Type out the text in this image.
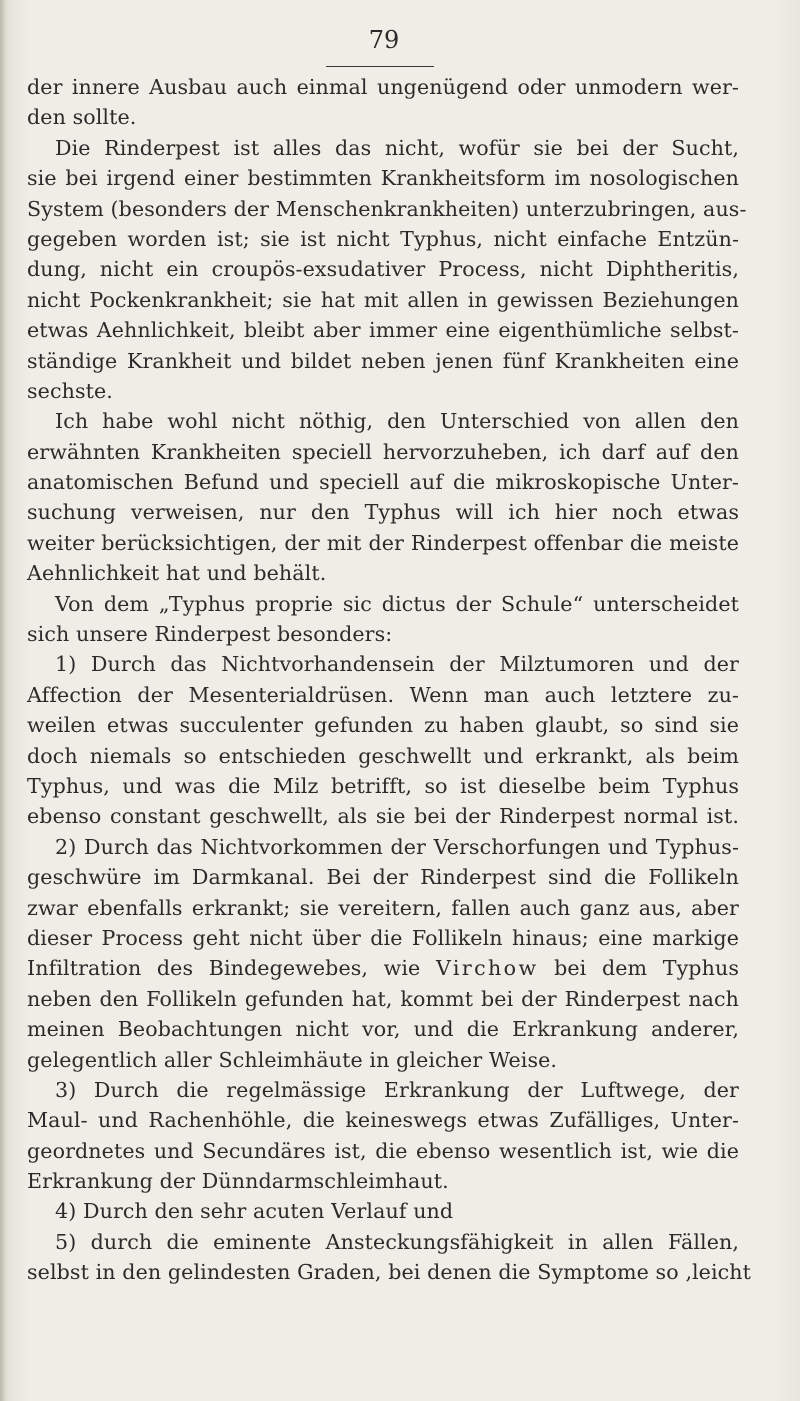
79
der innere Ausbau auch einmal ungenügend oder unmodern wer-
den sollte.
Die Rinderpest ist alles das nicht, wofür sie bei der Sucht,
sie bei irgend einer bestimmten Krankheitsform im nosologischen
System (besonders der Menschenkrankheiten) unterzubringen, aus-
gegeben worden ist; sie ist nicht Typhus, nicht einfache Entzün-
dung, nicht ein croupös-exsudativer Process, nicht Diphtheritis,
nicht Pockenkrankheit; sie hat mit allen in gewissen Beziehungen
etwas Aehnlichkeit, bleibt aber immer eine eigenthümliche selbst-
ständige Krankheit und bildet neben jenen fünf Krankheiten eine
sechste.
Ich habe wohl nicht nöthig, den Unterschied von allen den
erwähnten Krankheiten speciell hervorzuheben, ich darf auf den
anatomischen Befund und speciell auf die mikroskopische Unter-
suchung verweisen, nur den Typhus will ich hier noch etwas
weiter berücksichtigen, der mit der Rinderpest offenbar die meiste
Aehnlichkeit hat und behält.
Von dem „Typhus proprie sic dictus der Schule“ unterscheidet
sich unsere Rinderpest besonders:
1) Durch das Nichtvorhandensein der Milztumoren und der
Affection der Mesenterialdrüsen. Wenn man auch letztere zu-
weilen etwas succulenter gefunden zu haben glaubt, so sind sie
doch niemals so entschieden geschwellt und erkrankt, als beim
Typhus, und was die Milz betrifft, so ist dieselbe beim Typhus
ebenso constant geschwellt, als sie bei der Rinderpest normal ist.
2) Durch das Nichtvorkommen der Verschorfungen und Typhus-
geschwüre im Darmkanal. Bei der Rinderpest sind die Follikeln
zwar ebenfalls erkrankt; sie vereitern, fallen auch ganz aus, aber
dieser Process geht nicht über die Follikeln hinaus; eine markige
Infiltration des Bindegewebes, wie Virchow bei dem Typhus
neben den Follikeln gefunden hat, kommt bei der Rinderpest nach
meinen Beobachtungen nicht vor, und die Erkrankung anderer,
gelegentlich aller Schleimhäute in gleicher Weise.
3) Durch die regelmässige Erkrankung der Luftwege, der
Maul- und Rachenhöhle, die keineswegs etwas Zufälliges, Unter-
geordnetes und Secundäres ist, die ebenso wesentlich ist, wie die
Erkrankung der Dünndarmschleimhaut.
4) Durch den sehr acuten Verlauf und
5) durch die eminente Ansteckungsfähigkeit in allen Fällen,
selbst in den gelindesten Graden, bei denen die Symptome so ‚leicht
